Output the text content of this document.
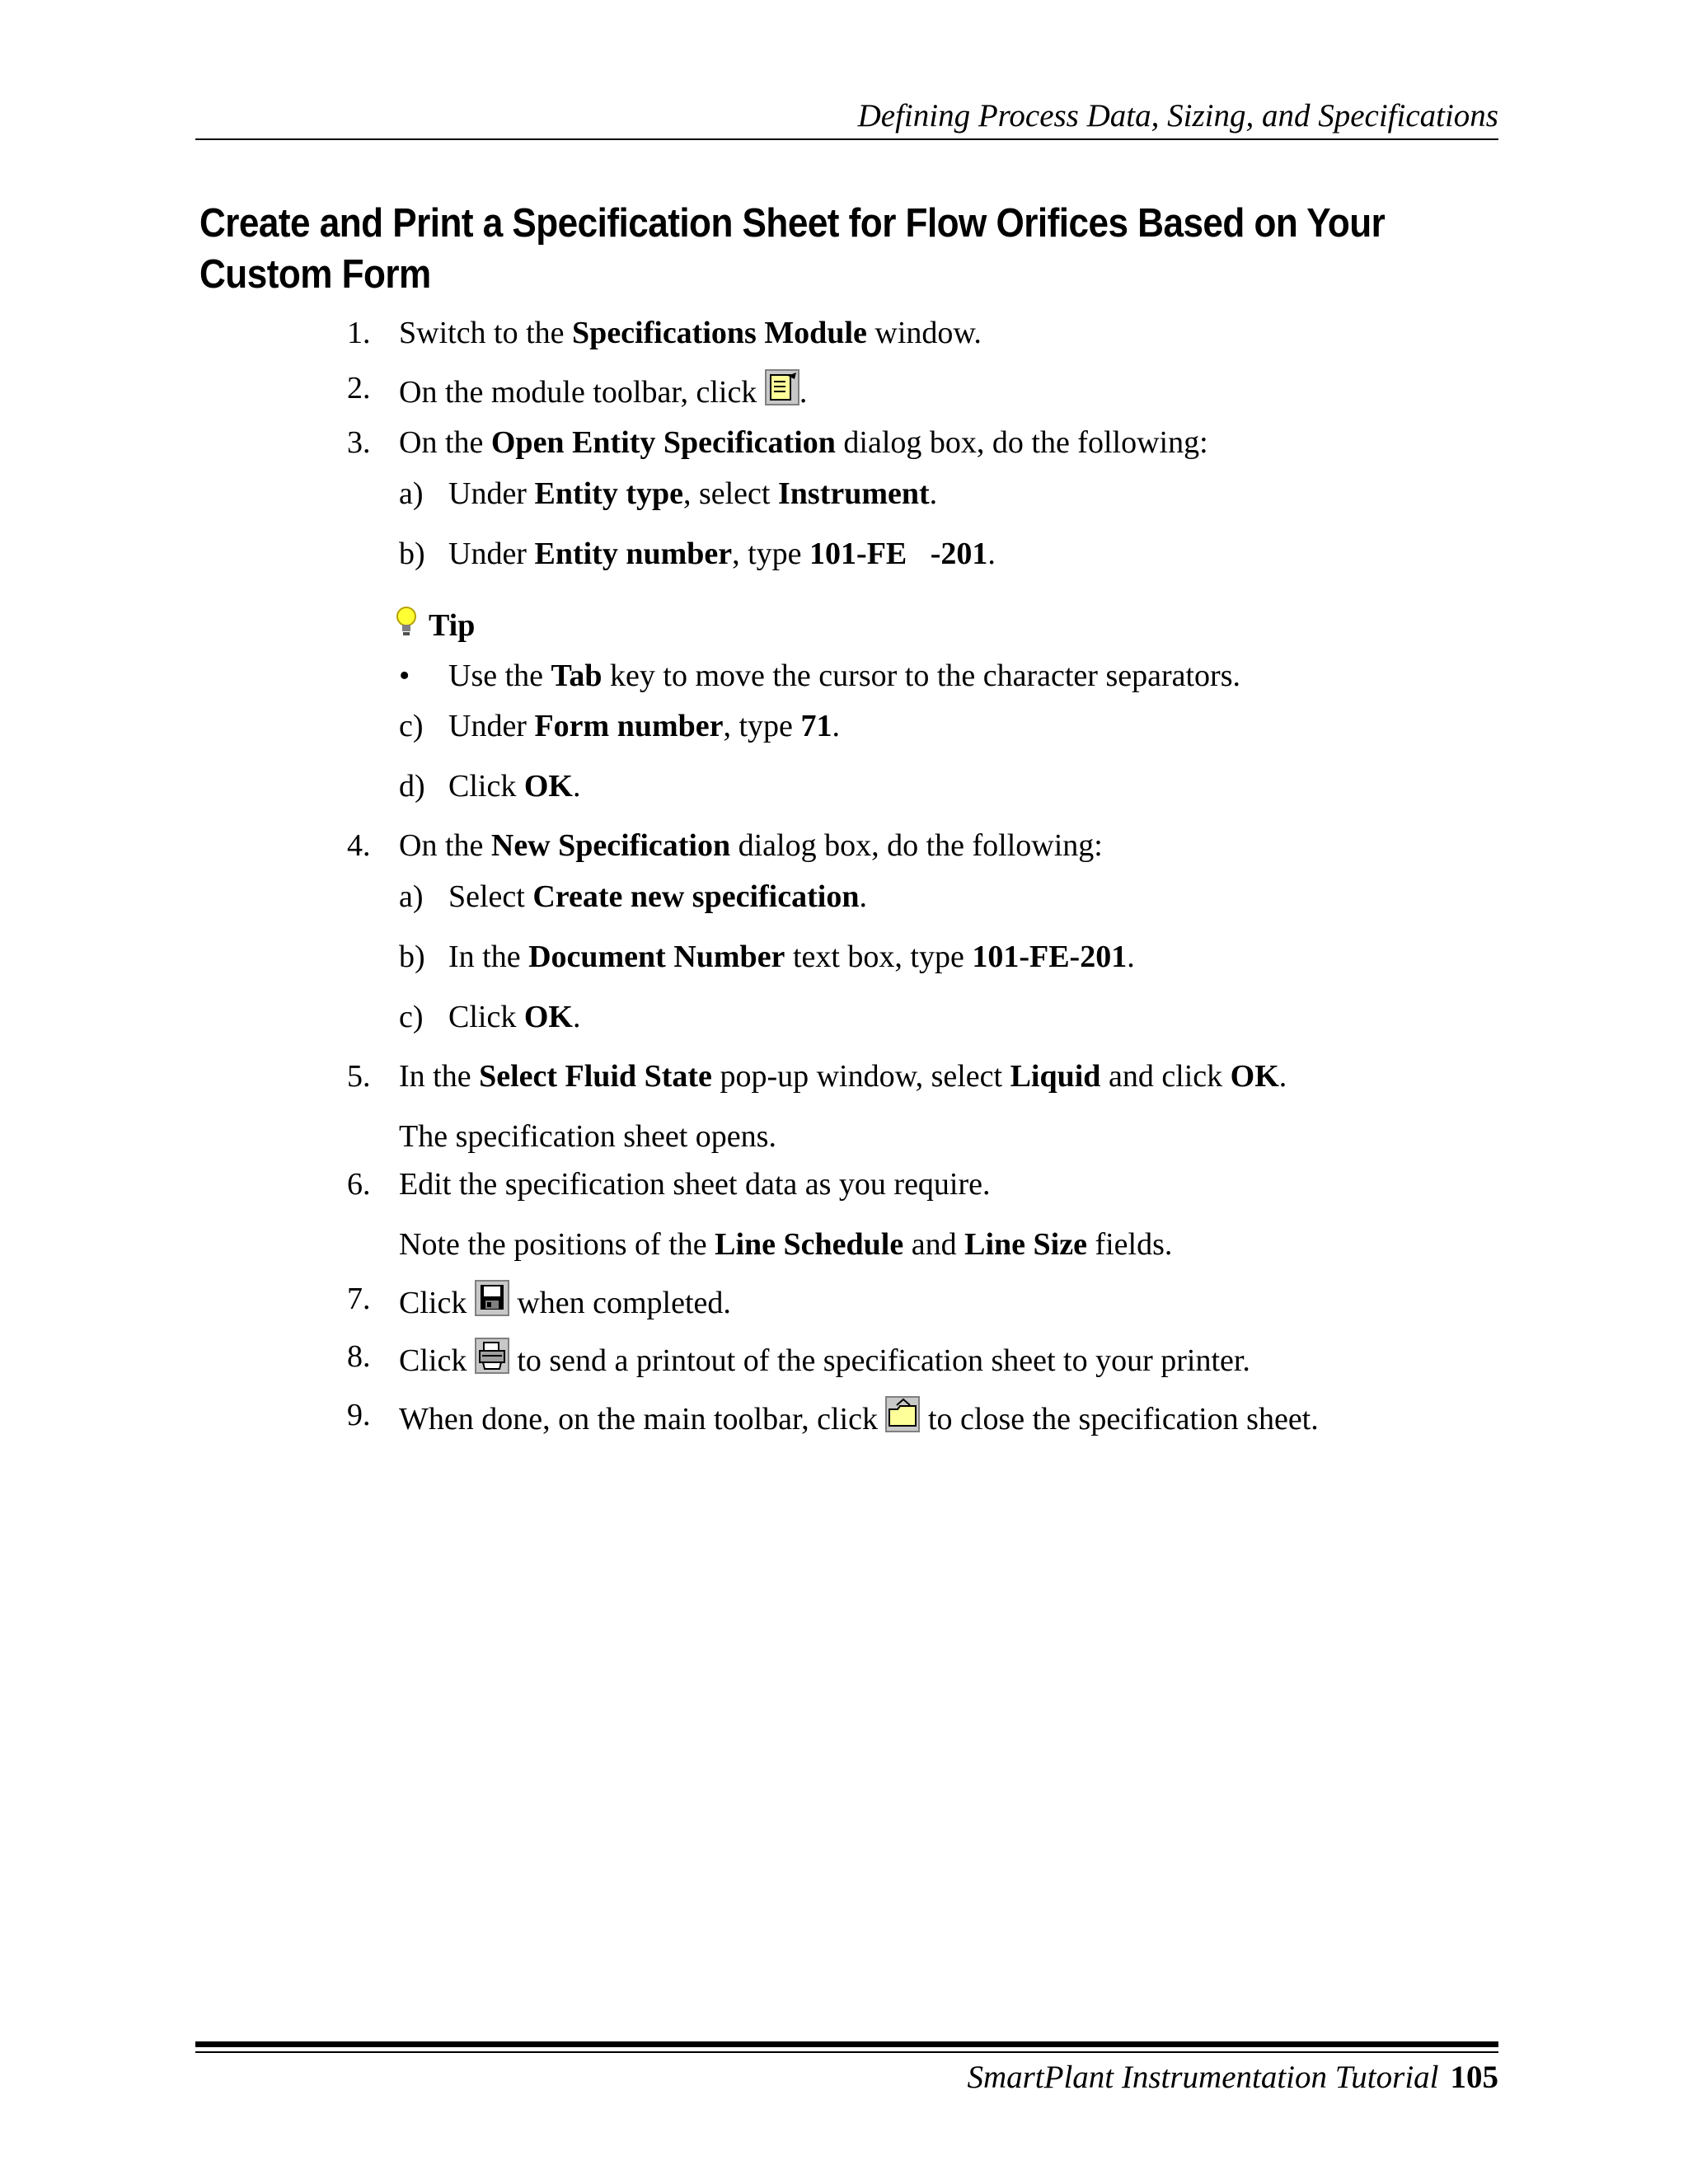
Defining Process Data, Sizing, and Specifications
Create and Print a Specification Sheet for Flow Orifices Based on Your Custom Form
1. Switch to the Specifications Module window.
2. On the module toolbar, click
.
3. On the Open Entity Specification dialog box, do the following:
a) Under Entity type, select Instrument.
b) Under Entity number, type 101-FE   -201.
Tip
• Use the Tab key to move the cursor to the character separators.
c) Under Form number, type 71.
d) Click OK.
4. On the New Specification dialog box, do the following:
a) Select Create new specification.
b) In the Document Number text box, type 101-FE-201.
c) Click OK.
5. In the Select Fluid State pop-up window, select Liquid and click OK.
The specification sheet opens.
6. Edit the specification sheet data as you require.
Note the positions of the Line Schedule and Line Size fields.
7. Click
when completed.
8. Click
to send a printout of the specification sheet to your printer.
9. When done, on the main toolbar, click
to close the specification sheet.
SmartPlant Instrumentation Tutorial 105
